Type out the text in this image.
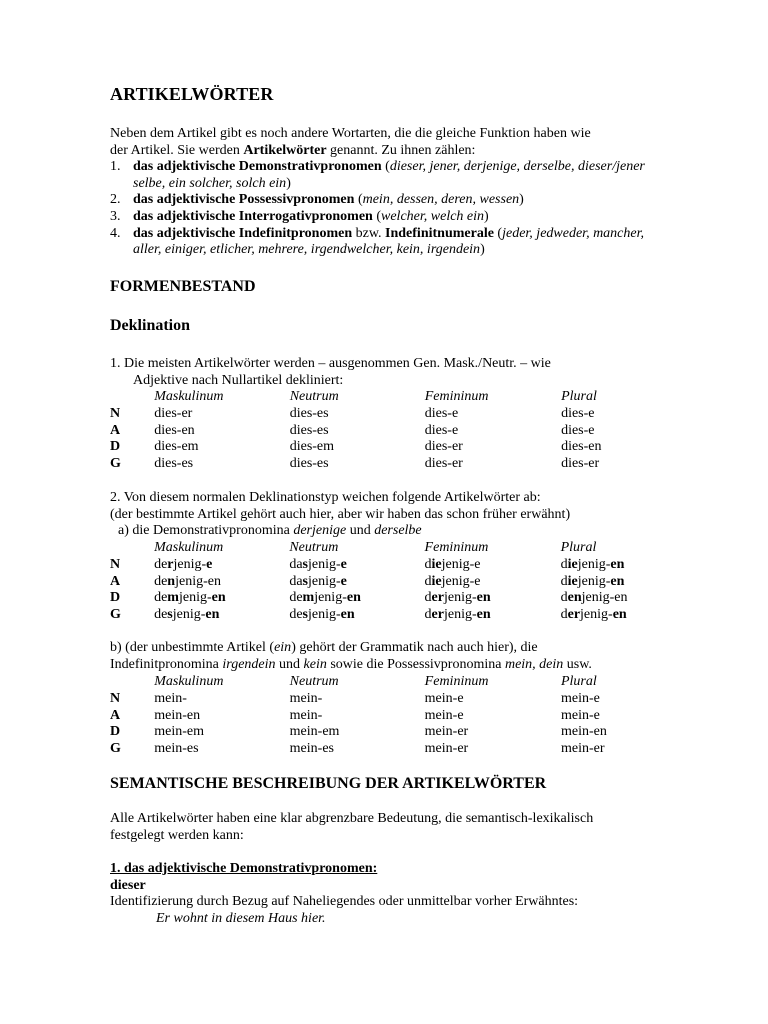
ARTIKELWÖRTER

Neben dem Artikel gibt es noch andere Wortarten, die die gleiche Funktion haben wie

der Artikel. Sie werden Artikelwörter genannt. Zu ihnen zählen:

1. das adjektivische Demonstrativpronomen (dieser, jener, derjenige, derselbe, dieser/jener selbe, ein solcher, solch ein)
2. das adjektivische Possessivpronomen (mein, dessen, deren, wessen)
3. das adjektivische Interrogativpronomen (welcher, welch ein)
4. das adjektivische Indefinitpronomen bzw. Indefinitnumerale (jeder, jedweder, mancher, aller, einiger, etlicher, mehrere, irgendwelcher, kein, irgendein)
FORMENBESTAND
Deklination

1. Die meisten Artikelwörter werden – ausgenommen Gen. Mask./Neutr. – wie

Adjektive nach Nullartikel dekliniert:

	Maskulinum	Neutrum	Femininum	Plural
N	dies-er	dies-es	dies-e	dies-e
A	dies-en	dies-es	dies-e	dies-e
D	dies-em	dies-em	dies-er	dies-en
G	dies-es	dies-es	dies-er	dies-er

2. Von diesem normalen Deklinationstyp weichen folgende Artikelwörter ab:

(der bestimmte Artikel gehört auch hier, aber wir haben das schon früher erwähnt)

a) die Demonstrativpronomina derjenige und derselbe

	Maskulinum	Neutrum	Femininum	Plural
N	derjenig-e	dasjenig-e	diejenig-e	diejenig-en
A	denjenig-en	dasjenig-e	diejenig-e	diejenig-en
D	demjenig-en	demjenig-en	derjenig-en	denjenig-en
G	desjenig-en	desjenig-en	derjenig-en	derjenig-en

b) (der unbestimmte Artikel (ein) gehört der Grammatik nach auch hier), die

Indefinitpronomina irgendein und kein sowie die Possessivpronomina mein, dein usw.

	Maskulinum	Neutrum	Femininum	Plural
N	mein-	mein-	mein-e	mein-e
A	mein-en	mein-	mein-e	mein-e
D	mein-em	mein-em	mein-er	mein-en
G	mein-es	mein-es	mein-er	mein-er
SEMANTISCHE BESCHREIBUNG DER ARTIKELWÖRTER

Alle Artikelwörter haben eine klar abgrenzbare Bedeutung, die semantisch-lexikalisch

festgelegt werden kann:

1. das adjektivische Demonstrativpronomen:

dieser

Identifizierung durch Bezug auf Naheliegendes oder unmittelbar vorher Erwähntes:

Er wohnt in diesem Haus hier.
